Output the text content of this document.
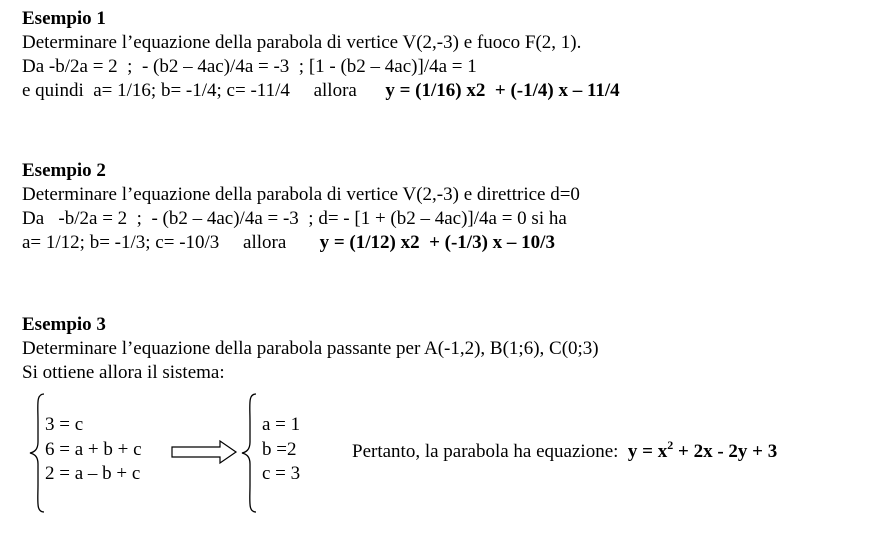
Esempio 1
Determinare l’equazione della parabola di vertice V(2,-3) e fuoco F(2, 1).
Da -b/2a = 2  ;  - (b2 – 4ac)/4a = -3  ; [1 - (b2 – 4ac)]/4a = 1
e quindi  a= 1/16; b= -1/4; c= -11/4     allora      y = (1/16) x2  + (-1/4) x – 11/4
Esempio 2
Determinare l’equazione della parabola di vertice V(2,-3) e direttrice d=0
Da   -b/2a = 2  ;  - (b2 – 4ac)/4a = -3  ; d= - [1 + (b2 – 4ac)]/4a = 0 si ha
a= 1/12; b= -1/3; c= -10/3     allora       y = (1/12) x2  + (-1/3) x – 10/3
Esempio 3
Determinare l’equazione della parabola passante per A(-1,2), B(1;6), C(0;3)
Si ottiene allora il sistema:
3 = c
6 = a + b + c
2 = a – b + c
a = 1
b =2
c = 3
Pertanto, la parabola ha equazione:  $y = x^2 + 2x - 2y + 3$
